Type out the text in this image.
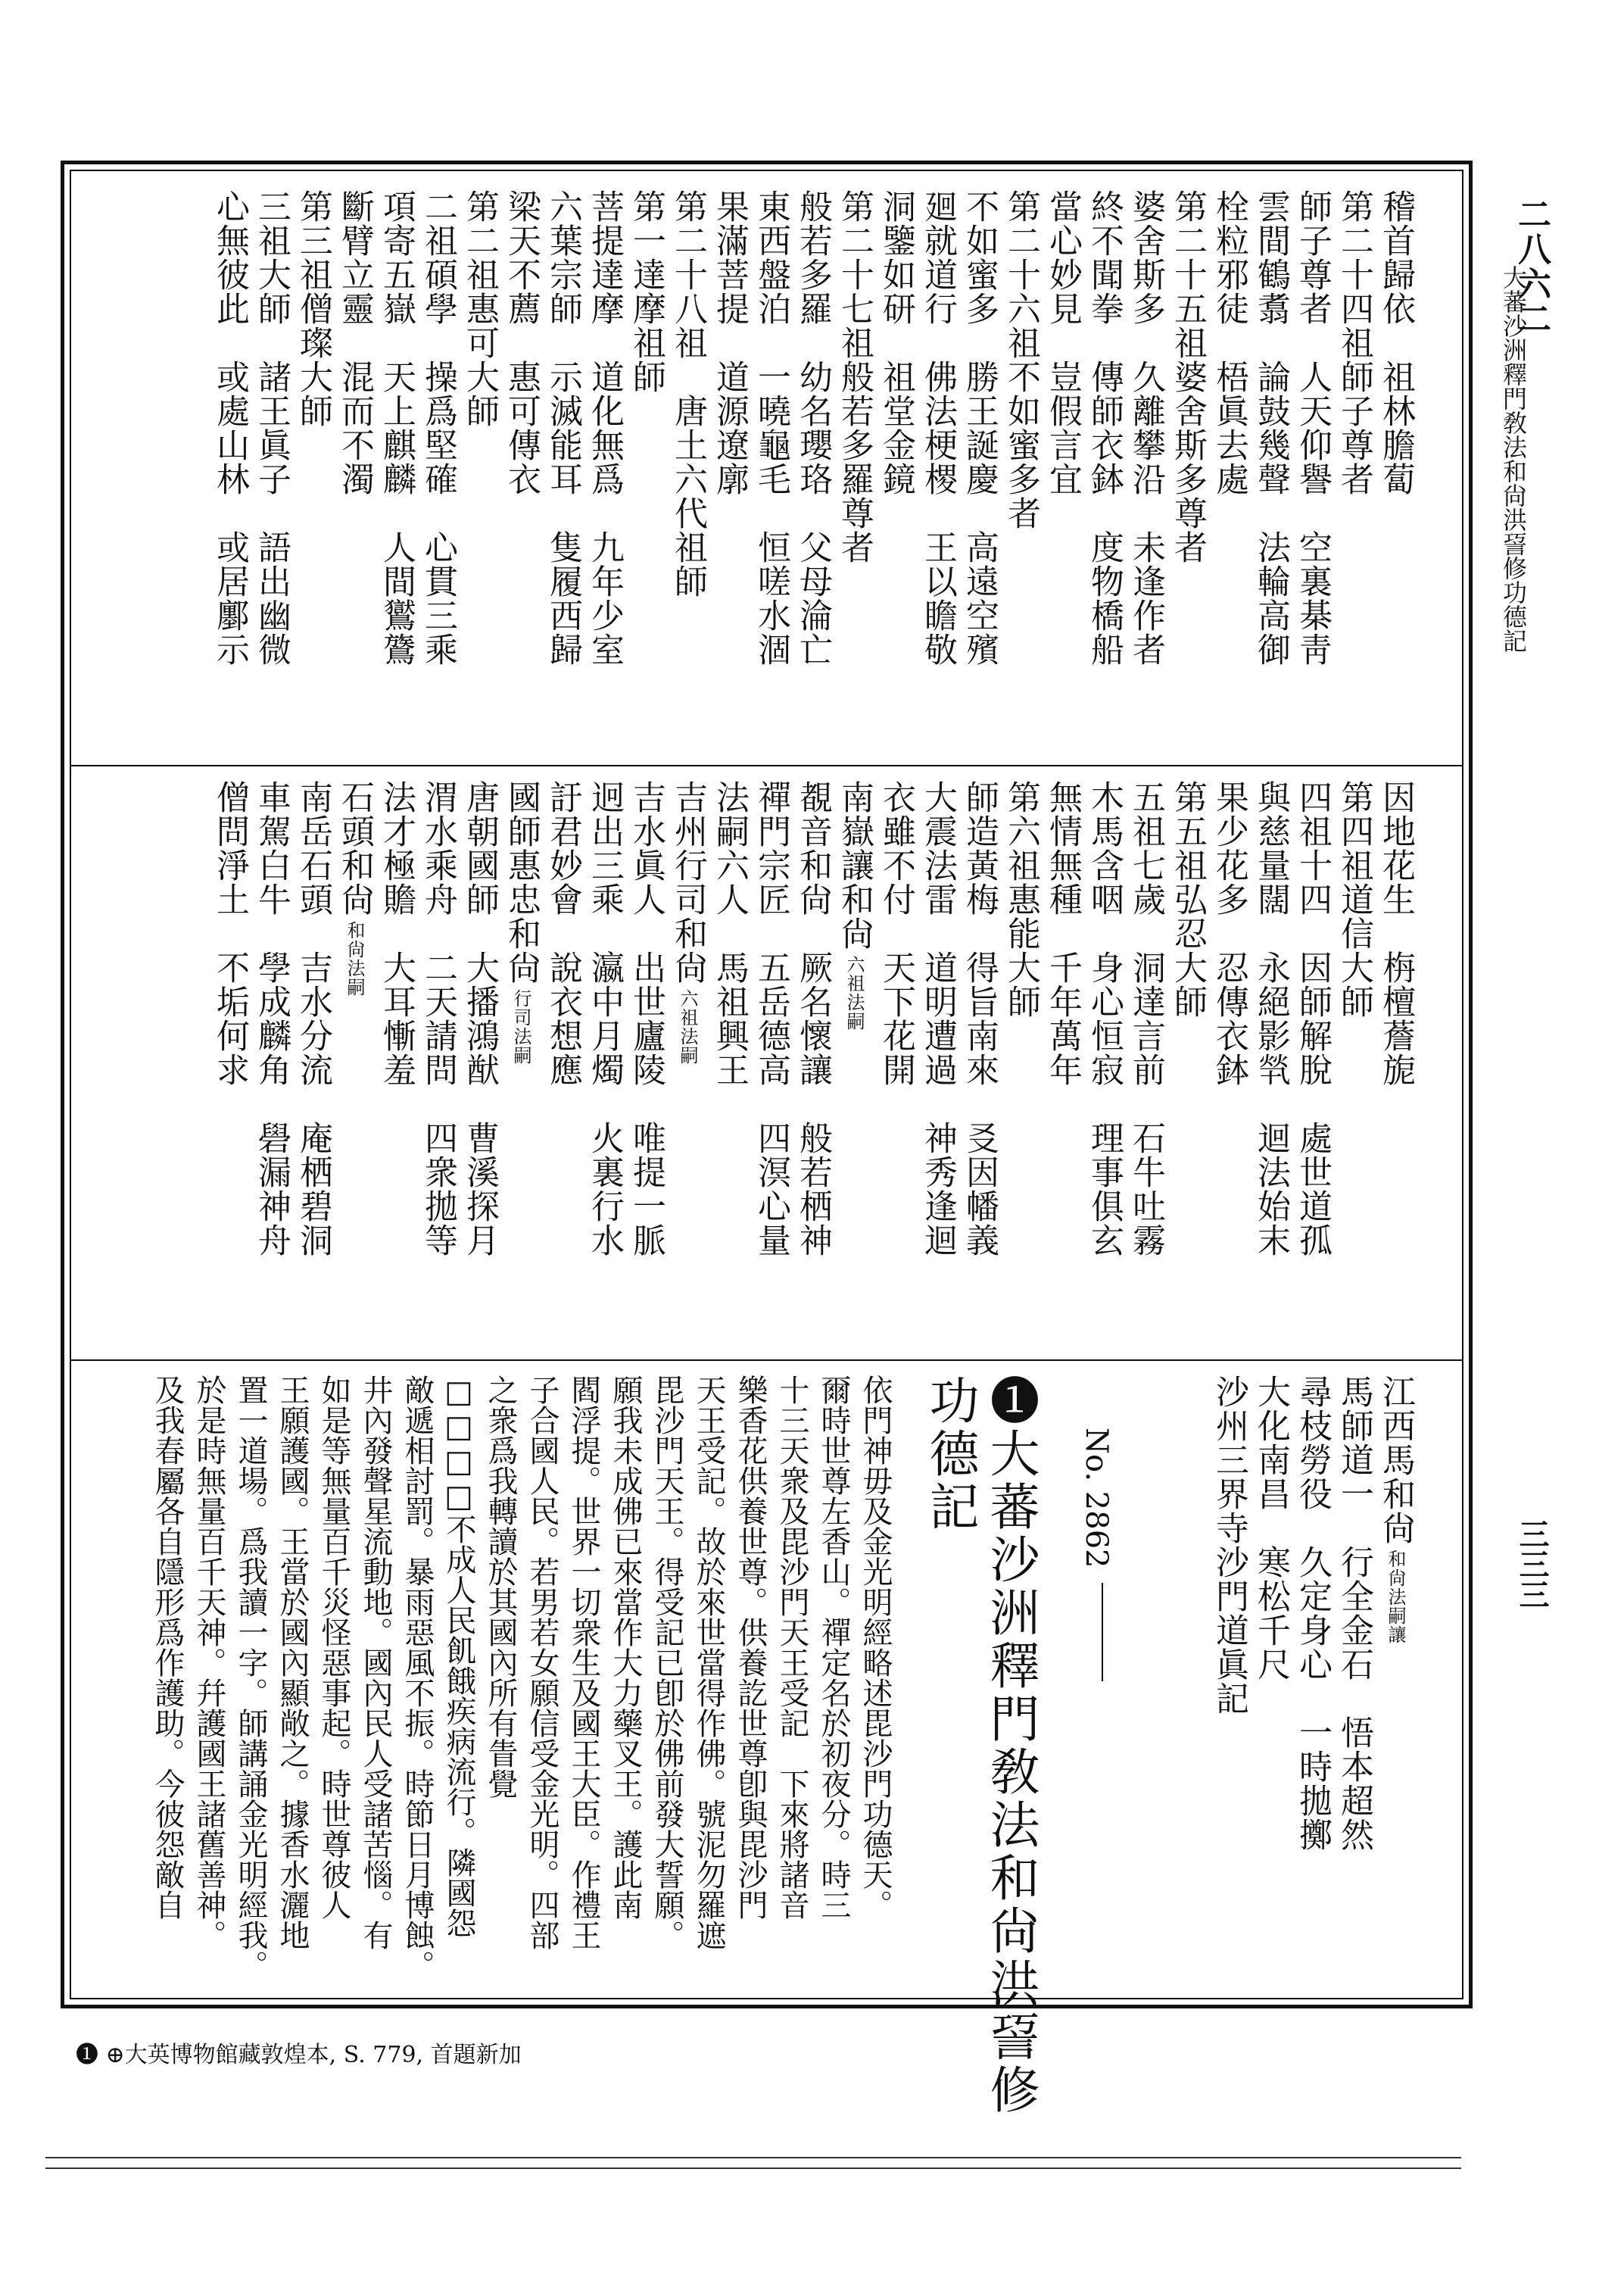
二八六二
大蕃沙洲釋門敎法和尙洪䛒修功德記
三三三
稽首歸依　祖林膽蔔
第二十四祖師子尊者
師子尊者　人天仰譽　空裏棊靑
雲間鶴翥　論鼓幾聲　法輪高御
栓粒邪徒　梧眞去處
第二十五祖婆舍斯多尊者
婆舍斯多　久離攀沿　未逢作者
終不聞拳　傳師衣鉢　度物橋船
當心妙見　豈假言宜
第二十六祖不如蜜多者
不如蜜多　勝王誕慶　高遠空殯
廻就道行　佛法梗㮨　王以瞻敬
洞鑒如研　祖堂金鏡
第二十七祖般若多羅尊者
般若多羅　幼名瓔珞　父母淪亡
東西盤泊　一曉龜毛　恒嗟水涸
果滿菩提　道源遼廓
第二十八祖　唐土六代祖師
第一達摩祖師
菩提達摩　道化無爲　九年少室
六葉宗師　示滅能耳　隻履西歸
梁天不薦　惠可傳衣
第二祖惠可大師
二祖碩學　操爲堅確　心貫三乘
項寄五嶽　天上麒麟　人間鸑鷟
斷臂立靈　混而不濁
第三祖僧璨大師
三祖大師　諸王眞子　語出幽微
心無彼此　或處山林　或居鄽示
因地花生　栴檀薝旎
第四祖道信大師
四祖十四　因師解脫　處世道孤
與慈量闊　永絕影㷀　迴法始末
果少花多　忍傳衣鉢
第五祖弘忍大師
五祖七歲　洞達言前　石牛吐霧
木馬含咽　身心恒寂　理事俱玄
無情無種　千年萬年
第六祖惠能大師
師造黃梅　得旨南來　㕛因幡義
大震法雷　道明遭過　神秀逢迴
衣雖不付　天下花開
南嶽讓和尙六祖法嗣
覩音和尙　厥名懷讓　般若栖神
禪門宗匠　五岳德高　四溟心量
法嗣六人　馬祖興王
吉州行司和尙六祖法嗣
吉水眞人　出世廬陵　唯提一脈
迥出三乘　瀛中月燭　火裏行水
訏君妙會　說衣想應
國師惠忠和尙行司法嗣
唐朝國師　大播鴻猷　曹溪探月
渭水乘舟　二天請問　四衆拋等
法才極贍　大耳慚羞
石頭和尙和尙法嗣
南岳石頭　吉水分流　庵栖碧洞
車駕白牛　學成麟角　礐漏神舟
僧問淨土　不垢何求
江西馬和尙和尙法嗣讓
馬師道一　行全金石　悟本超然
尋枝勞役　久定身心　一時拋擲
大化南昌　寒松千尺
沙州三界寺沙門道眞記
No. 2862
❶大蕃沙洲釋門敎法和尙洪䛒修
功德記
依門神毋及金光明經略述毘沙門功德天。
爾時世尊左香山。禪定名於初夜分。時三
十三天衆及毘沙門天王受記　下來將諸音
樂香花供養世尊。供養訖世尊卽與毘沙門
天王受記。故於來世當得作佛。號泥勿羅遮
毘沙門天王。得受記已卽於佛前發大誓願。
願我未成佛已來當作大力藥叉王。護此南
閻浮提。世界一切衆生及國王大臣。作禮王
子合國人民。若男若女願信受金光明。四部
之衆爲我轉讀於其國內所有眚覺
□□□□不成人民飢餓疾病流行。隣國怨
敵遞相討罰。暴雨惡風不振。時節日月博蝕。
井內發聲星流動地。國內民人受諸苦惱。有
如是等無量百千災怪惡事起。時世尊彼人
王願護國。王當於國內顯敞之。據香水灑地
置一道場。爲我讀一字。師講誦金光明經我。
於是時無量百千天神。幷護國王諸舊善神。
及我春屬各自隱形爲作護助。今彼怨敵自
❶ ⊕大英博物館藏敦煌本, S. 779, 首題新加
